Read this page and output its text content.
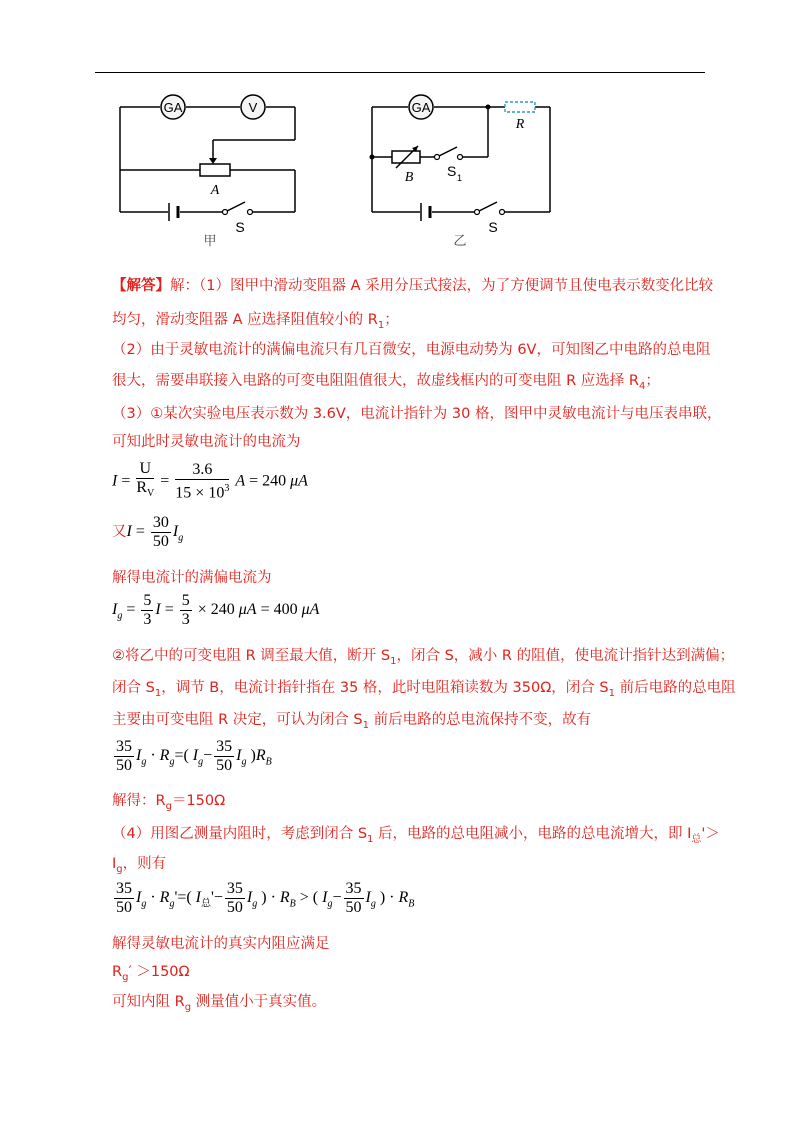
GA	V
A
S
甲
GA
R
B S 1
S
乙
【解答】解：（1）图甲中滑动变阻器 A 采用分压式接法，为了方便调节且使电表示数变化比较
均匀，滑动变阻器 A 应选择阻值较小的 $R_1$；
（2）由于灵敏电流计的满偏电流只有几百微安，电源电动势为 6V，可知图乙中电路的总电阻
很大，需要串联接入电路的可变电阻阻值很大，故虚线框内的可变电阻 R 应选择 $R_4$；
（3）①某次实验电压表示数为 3.6V，电流计指针为 30 格，图甲中灵敏电流计与电压表串联，
可知此时灵敏电流计的电流为
$I = \frac{U}{R_V} = \frac{3.6}{15 \times 10^3}$ A = 240 μA
又$I = \frac{30}{50} I_g$
解得电流计的满偏电流为
$I_g = \frac{5}{3}$ $I = \frac{5}{3} \times 240$ μA = 400 μA
②将乙中的可变电阻 R 调至最大值，断开 $S_1$，闭合 S，减小 R 的阻值，使电流计指针达到满偏；
闭合 $S_1$，调节 B，电流计指针指在 35 格，此时电阻箱读数为 350Ω，闭合 $S_1$ 前后电路的总电阻
主要由可变电阻 R 决定，可认为闭合 $S_1$ 前后电路的总电流保持不变，故有
$\frac{35}{50} I_g \cdot R_g=$( $I_g- \frac{35}{50} I_g$ )$R_B$
解得：$R_g=150\Omega$
（4）用图乙测量内阻时，考虑到闭合 $S_1$ 后，电路的总电阻减小，电路的总电流增大，即 $I_总'>$
$I_g$，则有
$\frac{35}{50} I_g \cdot R_g'=$( $I_总'- \frac{35}{50} I_g$ ) · $R_B$ > ( $I_g- \frac{35}{50} I_g$ ) · $R_B$
解得灵敏电流计的真实内阻应满足
$R_g' >150\Omega$
可知内阻 $R_g$ 测量值小于真实值。
